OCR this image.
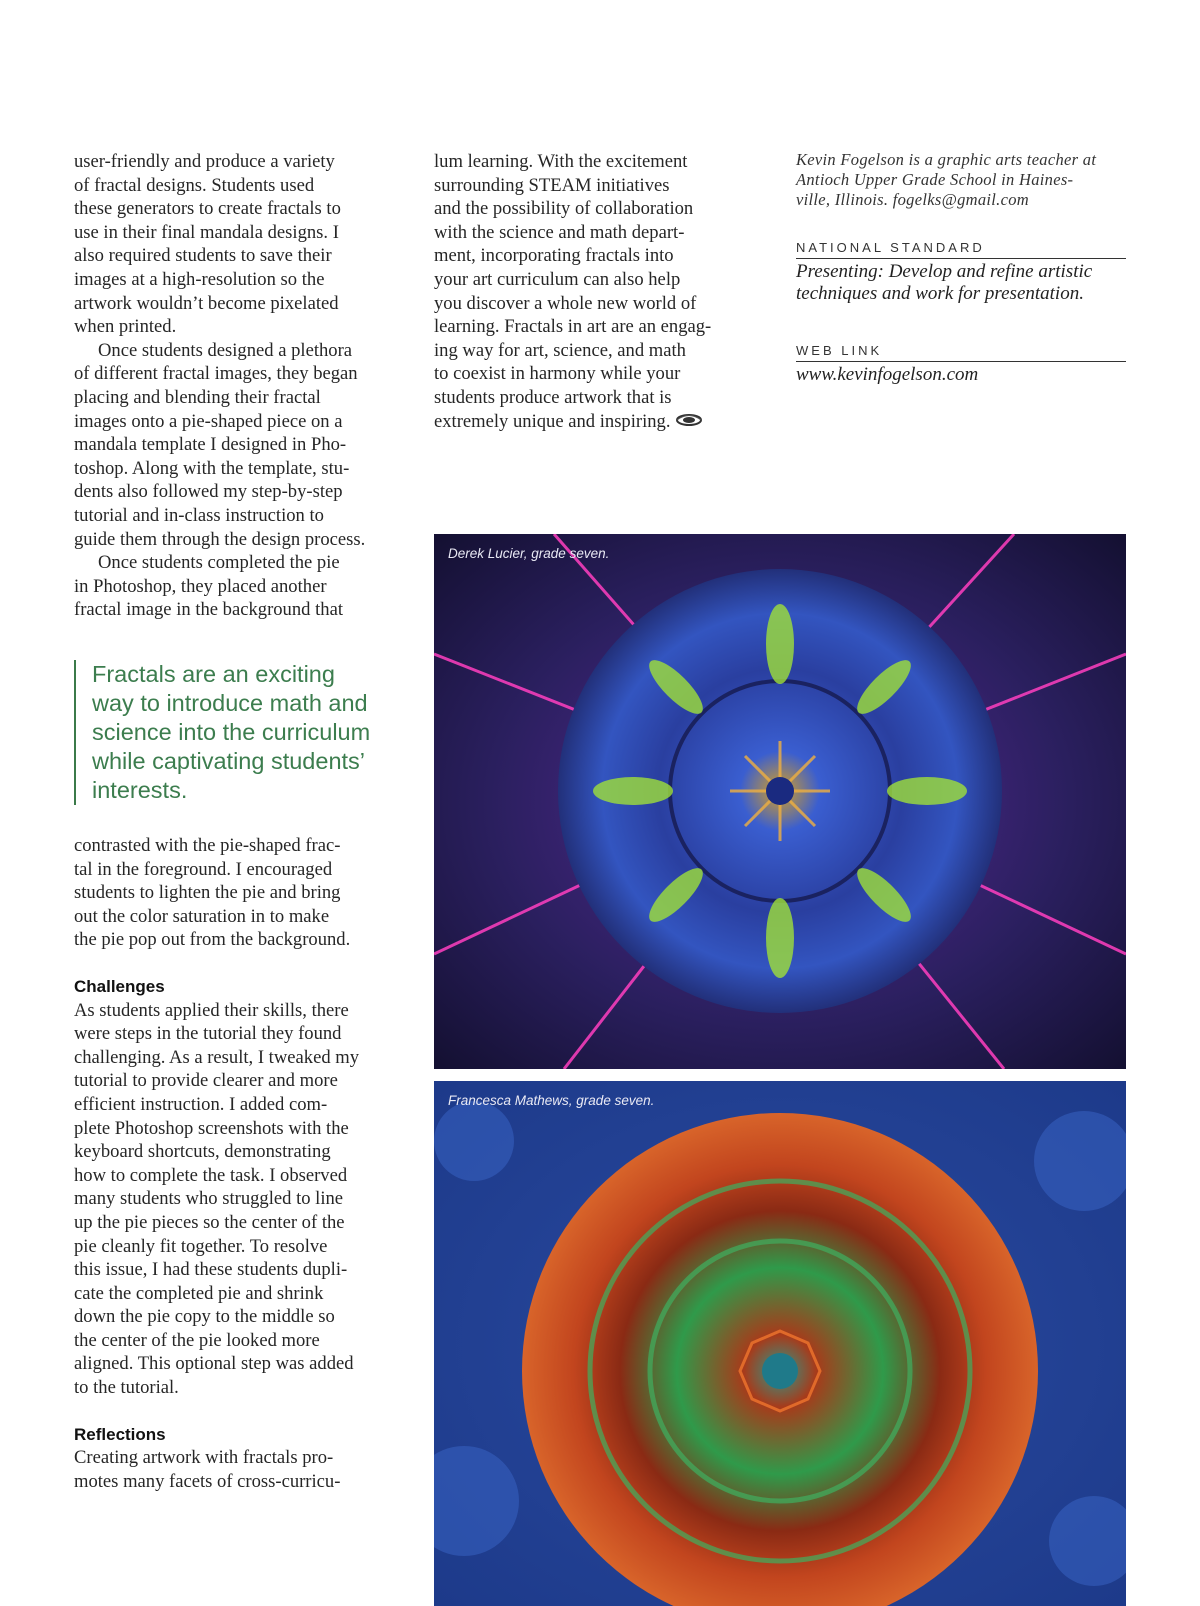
user-friendly and produce a variety
of fractal designs. Students used
these generators to create fractals to
use in their final mandala designs. I
also required students to save their
images at a high-resolution so the
artwork wouldn’t become pixelated
when printed.

Once students designed a plethora
of different fractal images, they began
placing and blending their fractal
images onto a pie-shaped piece on a
mandala template I designed in Pho-
toshop. Along with the template, stu-
dents also followed my step-by-step
tutorial and in-class instruction to
guide them through the design process.

Once students completed the pie
in Photoshop, they placed another
fractal image in the background that

Fractals are an exciting
way to introduce math and
science into the curriculum
while captivating students’
interests.

contrasted with the pie-shaped frac-
tal in the foreground. I encouraged
students to lighten the pie and bring
out the color saturation in to make
the pie pop out from the background.

Challenges

As students applied their skills, there
were steps in the tutorial they found
challenging. As a result, I tweaked my
tutorial to provide clearer and more
efficient instruction. I added com-
plete Photoshop screenshots with the
keyboard shortcuts, demonstrating
how to complete the task. I observed
many students who struggled to line
up the pie pieces so the center of the
pie cleanly fit together. To resolve
this issue, I had these students dupli-
cate the completed pie and shrink
down the pie copy to the middle so
the center of the pie looked more
aligned. This optional step was added
to the tutorial.

Reflections

Creating artwork with fractals pro-
motes many facets of cross-curricu-

lum learning. With the excitement
surrounding STEAM initiatives
and the possibility of collaboration
with the science and math depart-
ment, incorporating fractals into
your art curriculum can also help
you discover a whole new world of
learning. Fractals in art are an engag-
ing way for art, science, and math
to coexist in harmony while your
students produce artwork that is
extremely unique and inspiring.

Kevin Fogelson is a graphic arts teacher at
Antioch Upper Grade School in Haines-
ville, Illinois. fogelks@gmail.com
NATIONAL STANDARD
Presenting: Develop and refine artistic
techniques and work for presentation.
WEB LINK
www.kevinfogelson.com
Derek Lucier, grade seven.
Francesca Mathews, grade seven.
